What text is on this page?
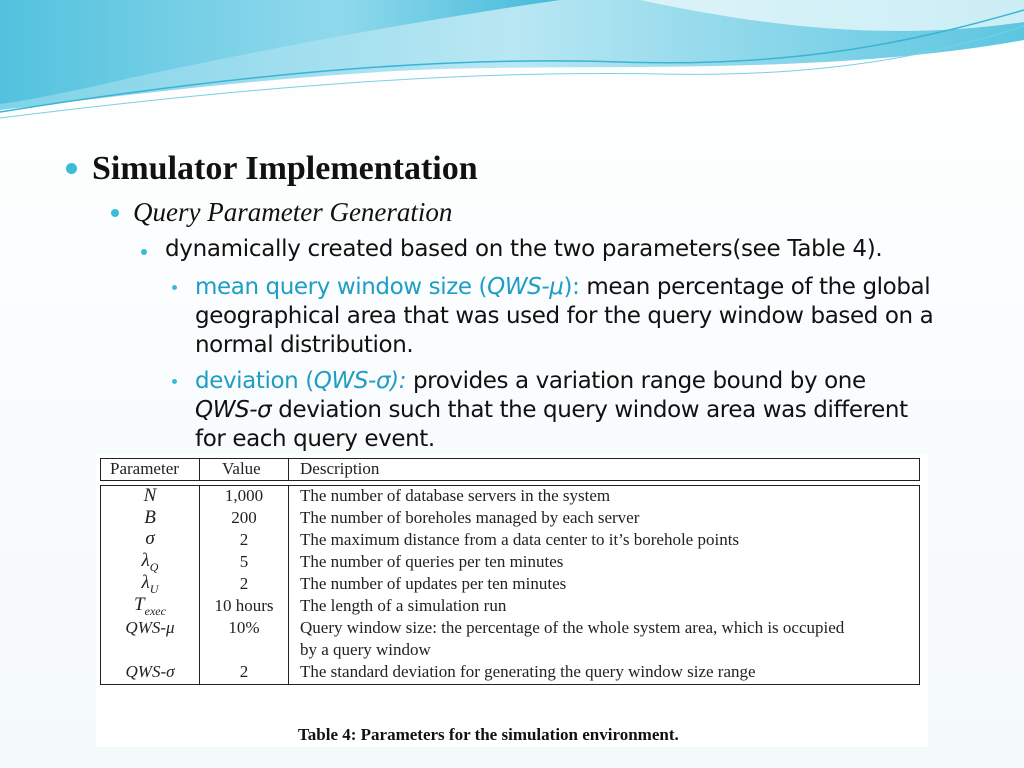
Simulator Implementation
Query Parameter Generation
dynamically created based on the two parameters(see Table 4).
mean query window size (QWS-μ): mean percentage of the global
geographical area that was used for the query window based on a
normal distribution.
deviation (QWS-σ): provides a variation range bound by one
QWS-σ deviation such that the query window area was different
for each query event.
Parameter	Value Description
N	1,000	The number of database servers in the system
B	200	The number of boreholes managed by each server
σ	2	The maximum distance from a data center to it’s borehole points
$\lambda_Q$	5	The number of queries per ten minutes
$\lambda_U$	2	The number of updates per ten minutes
$T_{exec}$	10 hours	The length of a simulation run
QWS-μ	10%	Query window size: the percentage of the whole system area, which is occupied
by a query window
QWS-σ	2	The standard deviation for generating the query window size range
Table 4: Parameters for the simulation environment.
